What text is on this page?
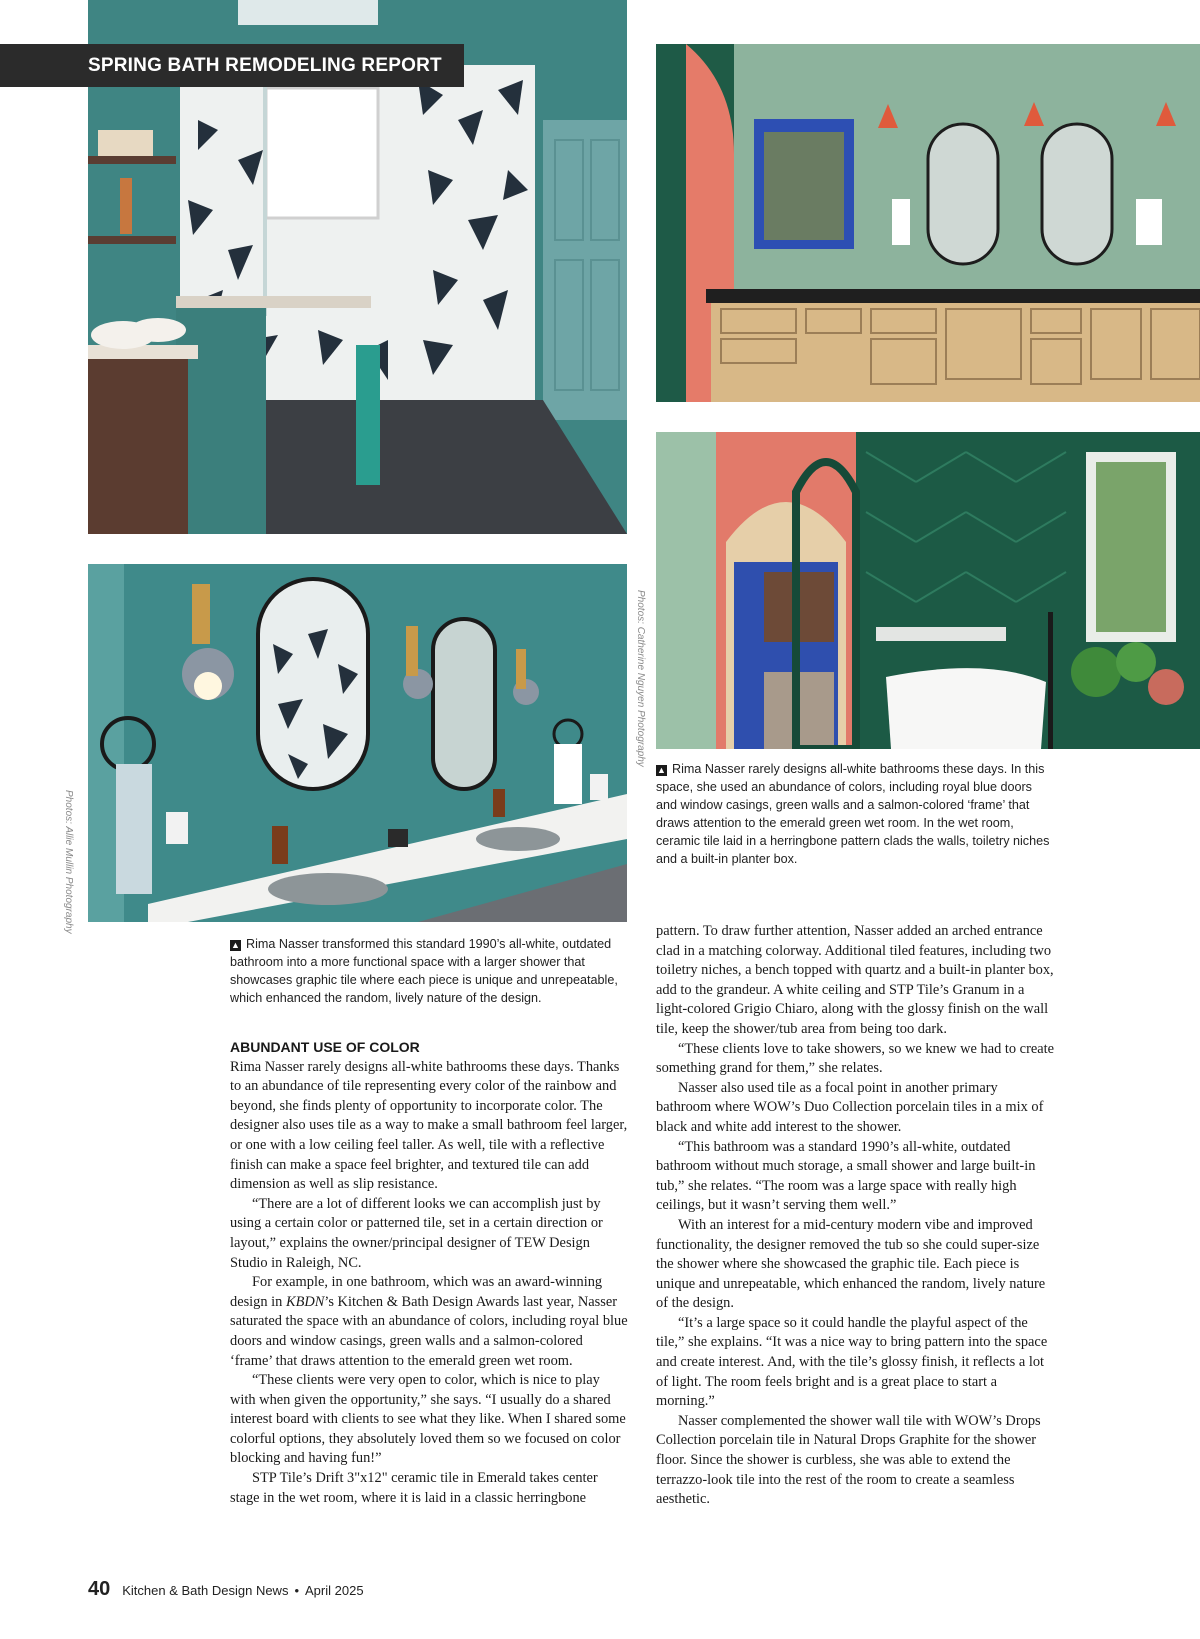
SPRING BATH REMODELING REPORT
Photos: Allie Mullin Photography
Photos: Catherine Nguyen Photography
▲ Rima Nasser rarely designs all-white bathrooms these days. In this space, she used an abundance of colors, including royal blue doors and window casings, green walls and a salmon-colored ‘frame’ that draws attention to the emerald green wet room. In the wet room, ceramic tile laid in a herringbone pattern clads the walls, toiletry niches and a built-in planter box.
▲ Rima Nasser transformed this standard 1990’s all-white, outdated bathroom into a more functional space with a larger shower that showcases graphic tile where each piece is unique and unrepeatable, which enhanced the random, lively nature of the design.
ABUNDANT USE OF COLOR

Rima Nasser rarely designs all-white bathrooms these days. Thanks to an abundance of tile representing every color of the rainbow and beyond, she finds plenty of opportunity to incorporate color. The designer also uses tile as a way to make a small bathroom feel larger, or one with a low ceiling feel taller. As well, tile with a reflective finish can make a space feel brighter, and textured tile can add dimension as well as slip resistance.

“There are a lot of different looks we can accomplish just by using a certain color or patterned tile, set in a certain direction or layout,” explains the owner/principal designer of TEW Design Studio in Raleigh, NC.

For example, in one bathroom, which was an award-winning design in KBDN’s Kitchen & Bath Design Awards last year, Nasser saturated the space with an abundance of colors, including royal blue doors and window casings, green walls and a salmon-colored ‘frame’ that draws attention to the emerald green wet room.

“These clients were very open to color, which is nice to play with when given the opportunity,” she says. “I usually do a shared interest board with clients to see what they like. When I shared some colorful options, they absolutely loved them so we focused on color blocking and having fun!”

STP Tile’s Drift 3"x12" ceramic tile in Emerald takes center stage in the wet room, where it is laid in a classic herringbone

pattern. To draw further attention, Nasser added an arched entrance clad in a matching colorway. Additional tiled features, including two toiletry niches, a bench topped with quartz and a built-in planter box, add to the grandeur. A white ceiling and STP Tile’s Granum in a light-colored Grigio Chiaro, along with the glossy finish on the wall tile, keep the shower/tub area from being too dark.

“These clients love to take showers, so we knew we had to create something grand for them,” she relates.

Nasser also used tile as a focal point in another primary bathroom where WOW’s Duo Collection porcelain tiles in a mix of black and white add interest to the shower.

“This bathroom was a standard 1990’s all-white, outdated bathroom without much storage, a small shower and large built-in tub,” she relates. “The room was a large space with really high ceilings, but it wasn’t serving them well.”

With an interest for a mid-century modern vibe and improved functionality, the designer removed the tub so she could super-size the shower where she showcased the graphic tile. Each piece is unique and unrepeatable, which enhanced the random, lively nature of the design.

“It’s a large space so it could handle the playful aspect of the tile,” she explains. “It was a nice way to bring pattern into the space and create interest. And, with the tile’s glossy finish, it reflects a lot of light. The room feels bright and is a great place to start a morning.”

Nasser complemented the shower wall tile with WOW’s Drops Collection porcelain tile in Natural Drops Graphite for the shower floor. Since the shower is curbless, she was able to extend the terrazzo-look tile into the rest of the room to create a seamless aesthetic.

40 Kitchen & Bath Design News • April 2025
